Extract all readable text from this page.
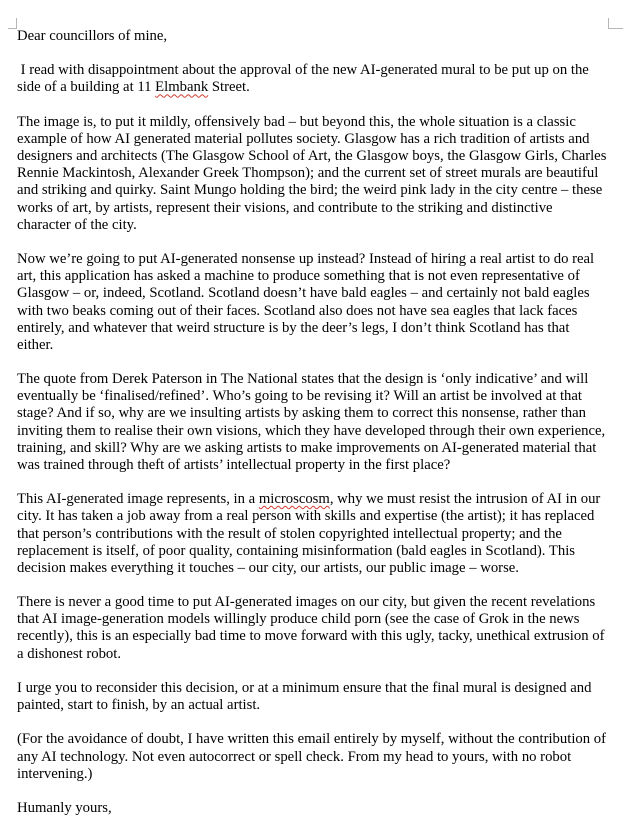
Dear councillors of mine,
I read with disappointment about the approval of the new AI-generated mural to be put up on the
side of a building at 11 Elmbank Street.
The image is, to put it mildly, offensively bad – but beyond this, the whole situation is a classic
example of how AI generated material pollutes society. Glasgow has a rich tradition of artists and
designers and architects (The Glasgow School of Art, the Glasgow boys, the Glasgow Girls, Charles
Rennie Mackintosh, Alexander Greek Thompson); and the current set of street murals are beautiful
and striking and quirky. Saint Mungo holding the bird; the weird pink lady in the city centre – these
works of art, by artists, represent their visions, and contribute to the striking and distinctive
character of the city.
Now we’re going to put AI-generated nonsense up instead? Instead of hiring a real artist to do real
art, this application has asked a machine to produce something that is not even representative of
Glasgow – or, indeed, Scotland. Scotland doesn’t have bald eagles – and certainly not bald eagles
with two beaks coming out of their faces. Scotland also does not have sea eagles that lack faces
entirely, and whatever that weird structure is by the deer’s legs, I don’t think Scotland has that
either.
The quote from Derek Paterson in The National states that the design is ‘only indicative’ and will
eventually be ‘finalised/refined’. Who’s going to be revising it? Will an artist be involved at that
stage? And if so, why are we insulting artists by asking them to correct this nonsense, rather than
inviting them to realise their own visions, which they have developed through their own experience,
training, and skill? Why are we asking artists to make improvements on AI-generated material that
was trained through theft of artists’ intellectual property in the first place?
This AI-generated image represents, in a microscosm, why we must resist the intrusion of AI in our
city. It has taken a job away from a real person with skills and expertise (the artist); it has replaced
that person’s contributions with the result of stolen copyrighted intellectual property; and the
replacement is itself, of poor quality, containing misinformation (bald eagles in Scotland). This
decision makes everything it touches – our city, our artists, our public image – worse.
There is never a good time to put AI-generated images on our city, but given the recent revelations
that AI image-generation models willingly produce child porn (see the case of Grok in the news
recently), this is an especially bad time to move forward with this ugly, tacky, unethical extrusion of
a dishonest robot.
I urge you to reconsider this decision, or at a minimum ensure that the final mural is designed and
painted, start to finish, by an actual artist.
(For the avoidance of doubt, I have written this email entirely by myself, without the contribution of
any AI technology. Not even autocorrect or spell check. From my head to yours, with no robot
intervening.)
Humanly yours,
